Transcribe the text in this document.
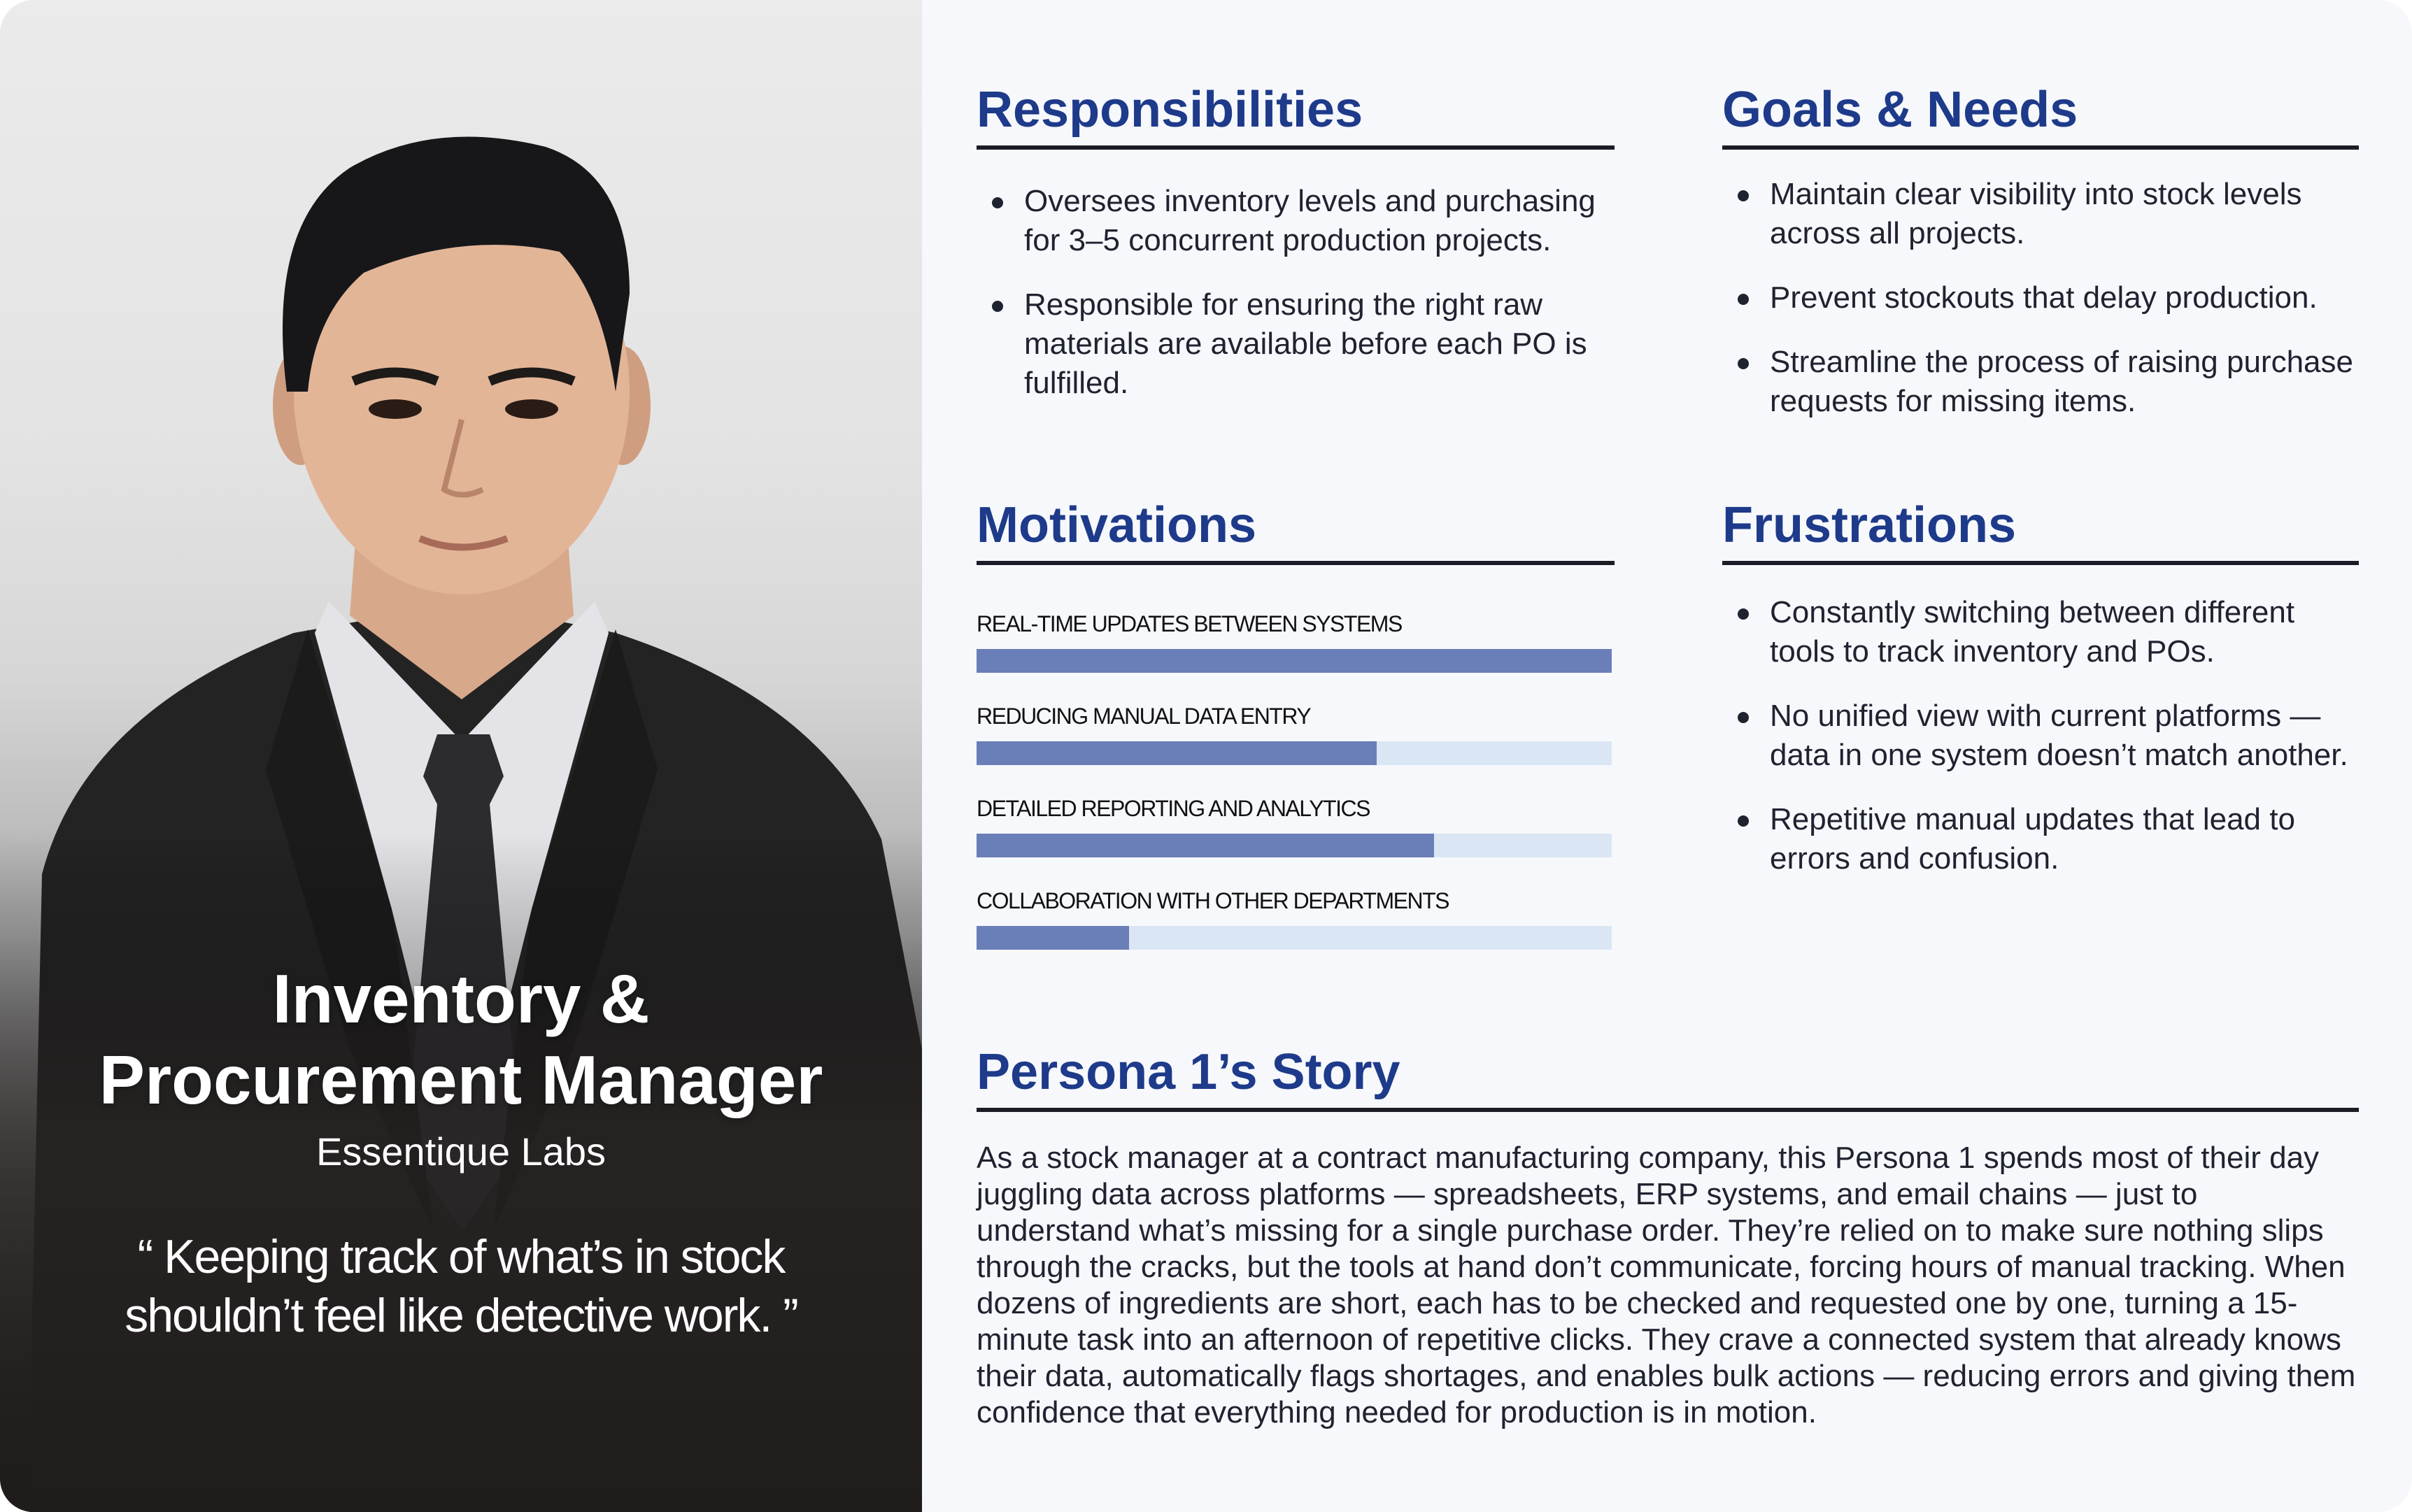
Inventory &
Procurement Manager
Essentique Labs
“ Keeping track of what’s in stock
shouldn’t feel like detective work. ”
Responsibilities
Oversees inventory levels and purchasing for 3–5 concurrent production projects.
Responsible for ensuring the right raw materials are available before each PO is fulfilled.
Goals & Needs
Maintain clear visibility into stock levels across all projects.
Prevent stockouts that delay production.
Streamline the process of raising purchase requests for missing items.
Motivations
REAL-TIME UPDATES BETWEEN SYSTEMS
REDUCING MANUAL DATA ENTRY
DETAILED REPORTING AND ANALYTICS
COLLABORATION WITH OTHER DEPARTMENTS
Frustrations
Constantly switching between different tools to track inventory and POs.
No unified view with current platforms — data in one system doesn’t match another.
Repetitive manual updates that lead to errors and confusion.
Persona 1’s Story

As a stock manager at a contract manufacturing company, this Persona 1 spends most of their day juggling data across platforms — spreadsheets, ERP systems, and email chains — just to understand what’s missing for a single purchase order. They’re relied on to make sure nothing slips through the cracks, but the tools at hand don’t communicate, forcing hours of manual tracking. When dozens of ingredients are short, each has to be checked and requested one by one, turning a 15-minute task into an afternoon of repetitive clicks. They crave a connected system that already knows their data, automatically flags shortages, and enables bulk actions — reducing errors and giving them confidence that everything needed for production is in motion.
